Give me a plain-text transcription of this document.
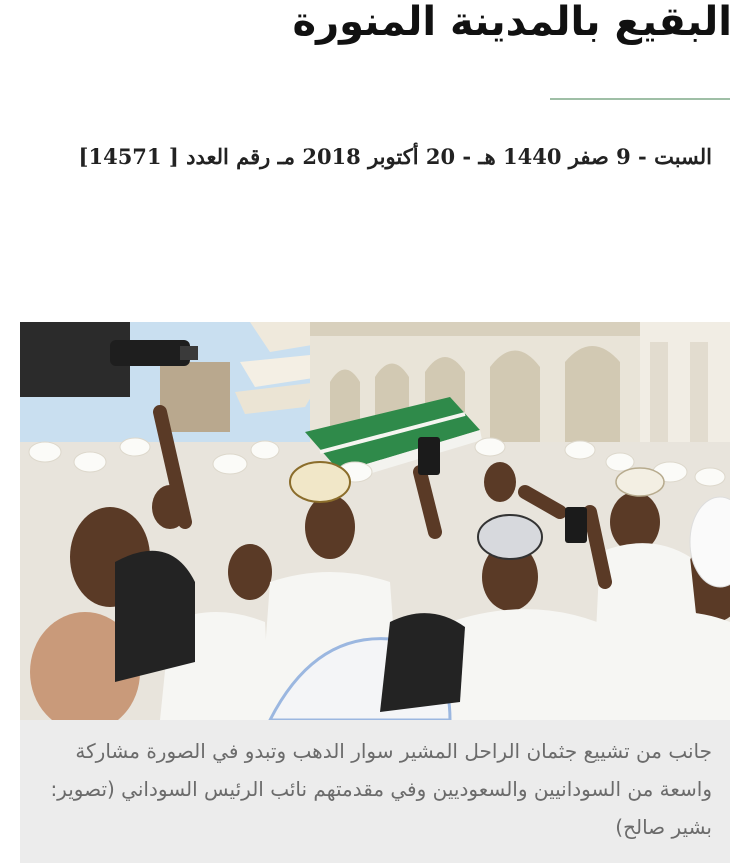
البقيع بالمدينة المنورة
السبت - 9 صفر 1440 هـ - 20 أكتوبر 2018 مـ رقم العدد [ 14571]
جانب من تشييع جثمان الراحل المشير سوار الدهب وتبدو في الصورة مشاركة واسعة من السودانيين والسعوديين وفي مقدمتهم نائب الرئيس السوداني (تصوير: بشير صالح)
